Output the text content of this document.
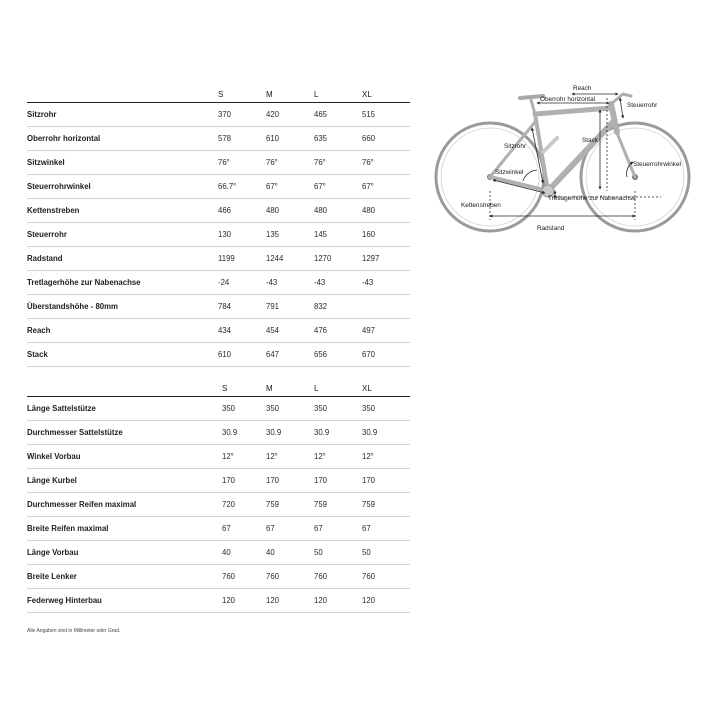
	S	M	L	XL
Sitzrohr	370	420	465	515
Oberrohr horizontal	578	610	635	660
Sitzwinkel	76°	76°	76°	76°
Steuerrohrwinkel	66.7°	67°	67°	67°
Kettenstreben	466	480	480	480
Steuerrohr	130	135	145	160
Radstand	1199	1244	1270	1297
Tretlagerhöhe zur Nabenachse	-24	-43	-43	-43
Überstandshöhe - 80mm	784	791	832	
Reach	434	454	476	497
Stack	610	647	656	670
	S	M	L	XL
Länge Sattelstütze	350	350	350	350
Durchmesser Sattelstütze	30.9	30.9	30.9	30.9
Winkel Vorbau	12°	12°	12°	12°
Länge Kurbel	170	170	170	170
Durchmesser Reifen maximal	720	759	759	759
Breite Reifen maximal	67	67	67	67
Länge Vorbau	40	40	50	50
Breite Lenker	760	760	760	760
Federweg Hinterbau	120	120	120	120
Alle Angaben sind in Millimeter oder Grad.
Reach
Oberrohr horizontal
Steuerrohr
Sitzrohr
Stack
Steuerrohrwinkel
Sitzwinkel
Tretlagerhöhe zur Nabenachse
Kettenstreben
Radstand
